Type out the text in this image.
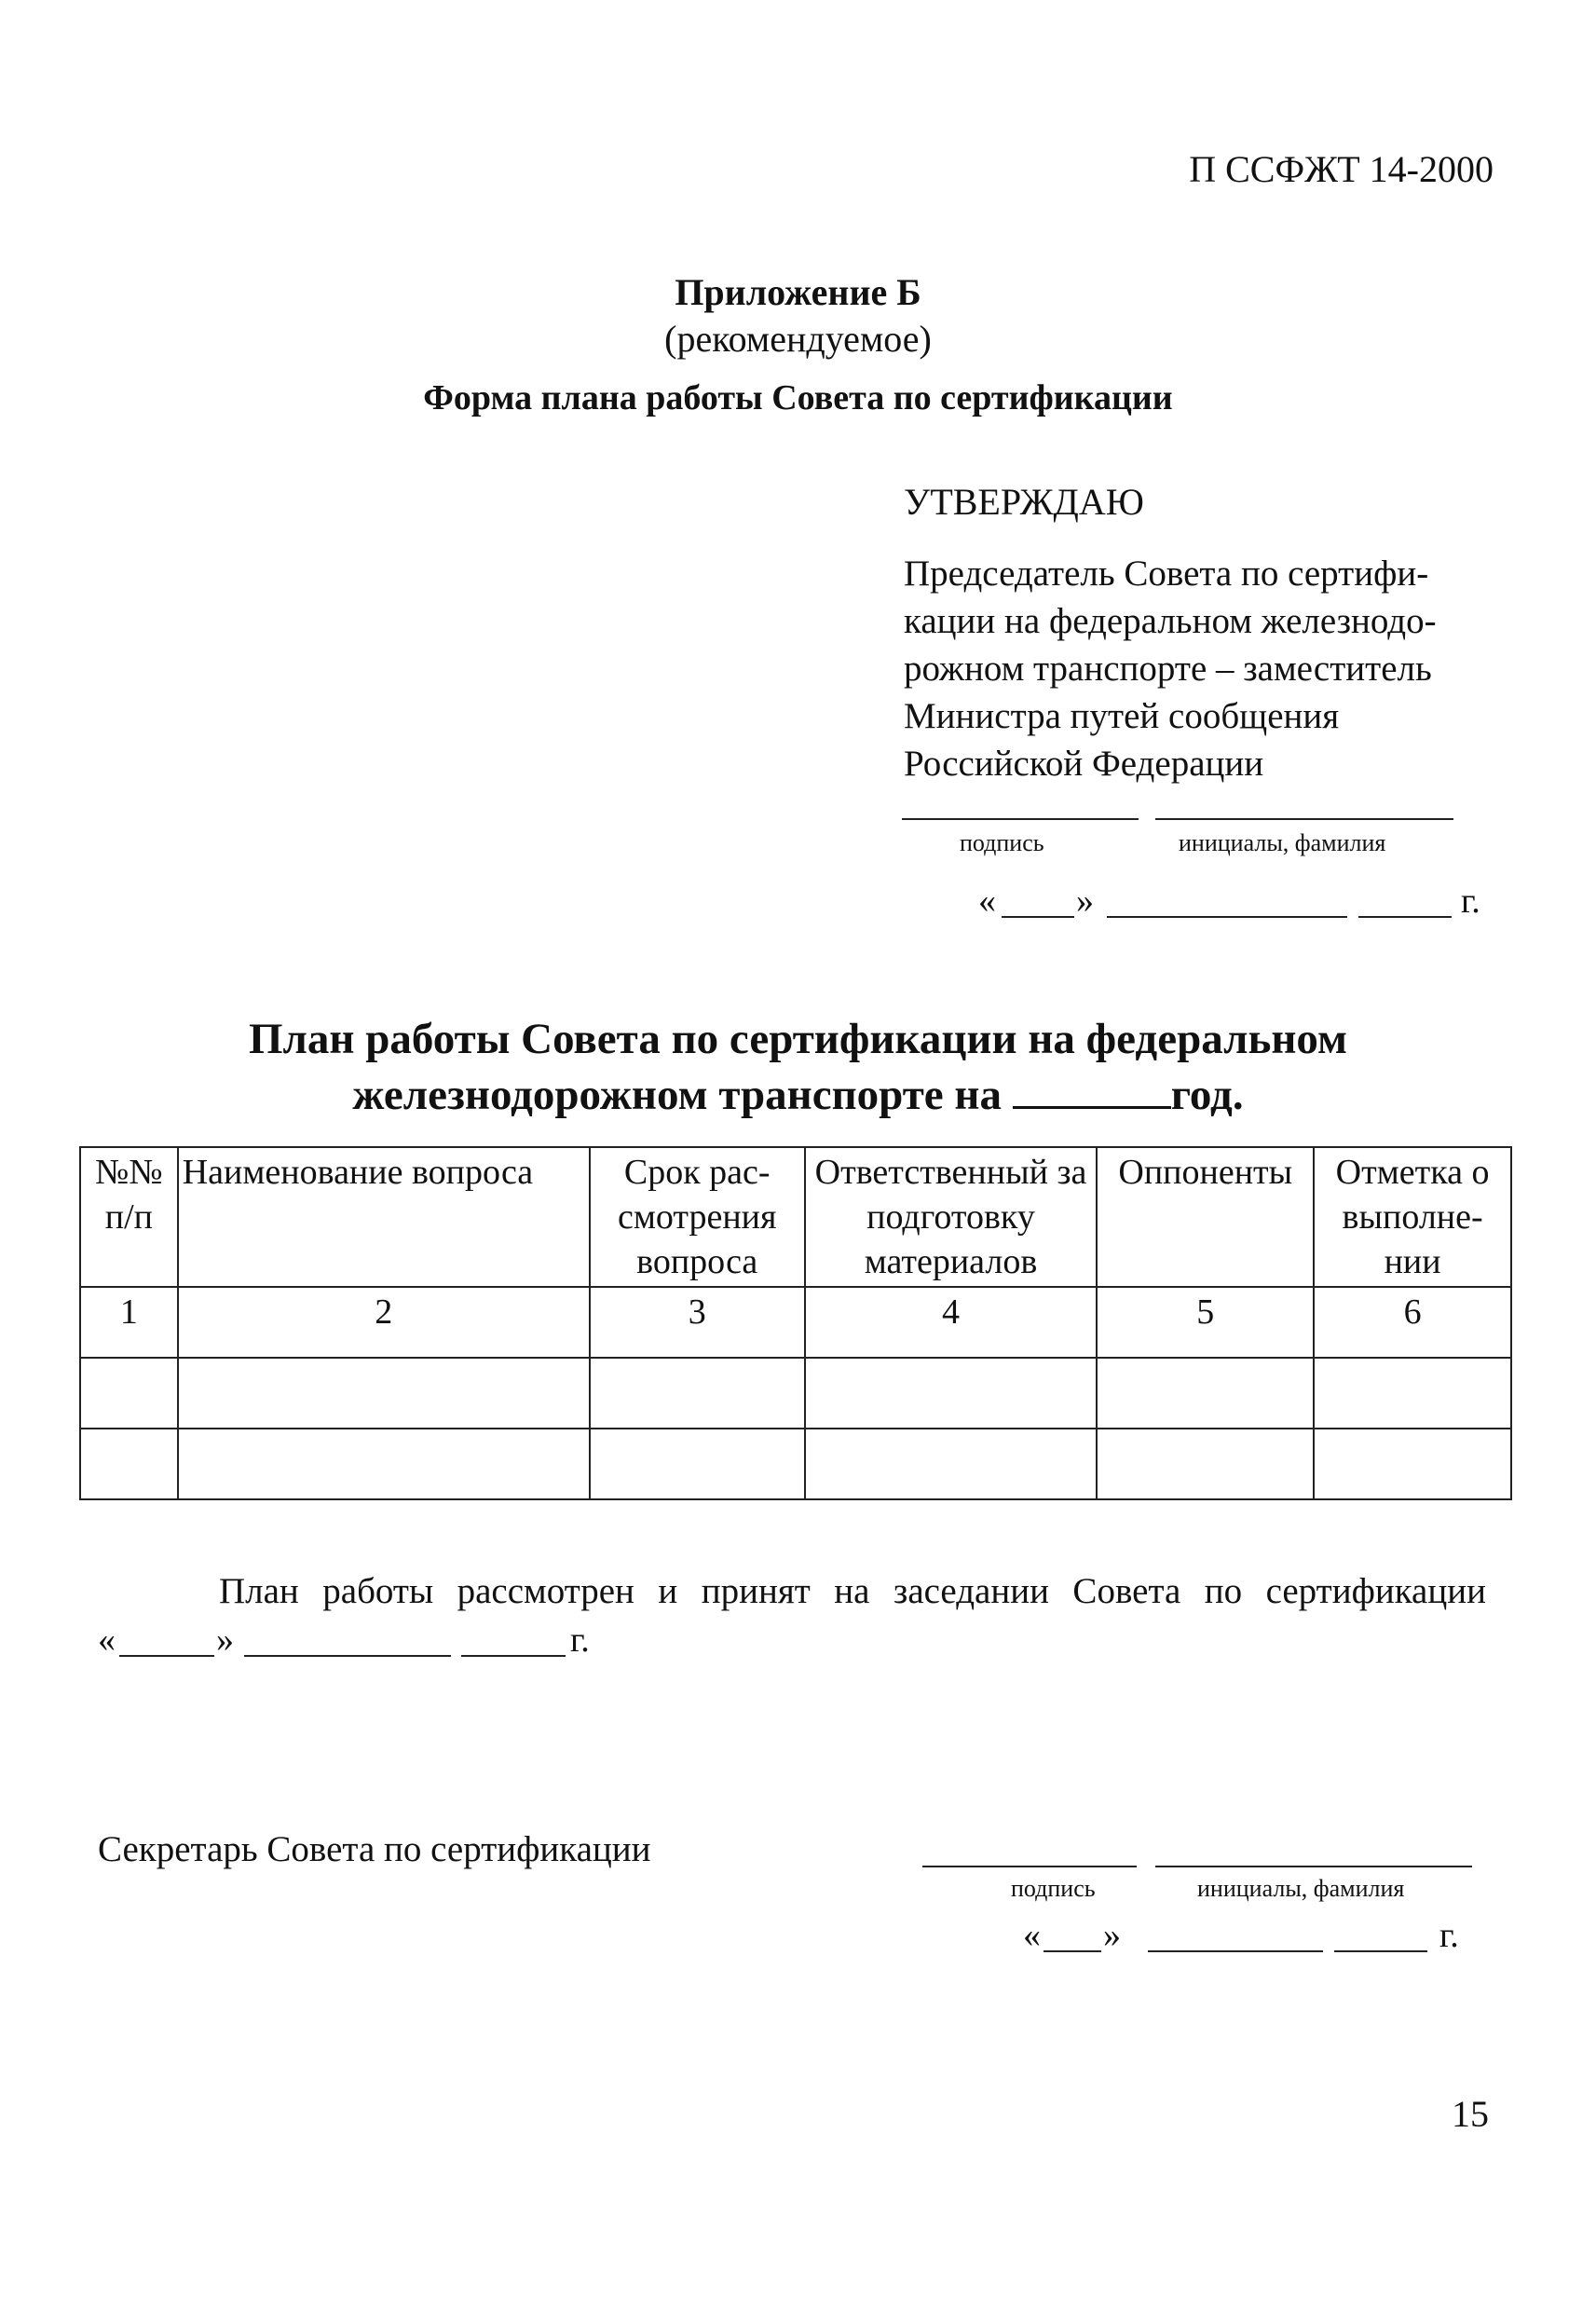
П ССФЖТ 14-2000
Приложение Б
(рекомендуемое)
Форма плана работы Совета по сертификации
УТВЕРЖДАЮ
Председатель Совета по сертифи-
кации на федеральном железнодо-
рожном транспорте – заместитель
Министра путей сообщения
Российской Федерации
подпись	инициалы, фамилия
« »	г.
План работы Совета по сертификации на федеральном
железнодорожном транспорте на	год.
№№ п/п	Наименование вопроса	Срок рас-смотрения вопроса	Ответственный за подготовку материалов	Оппоненты	Отметка о выполне-нии
1	2	3	4	5	6

План работы рассмотрен и принят на заседании Совета по сертификации
«	»	г.
Секретарь Совета по сертификации
подпись	инициалы, фамилия
« »	г.
15
